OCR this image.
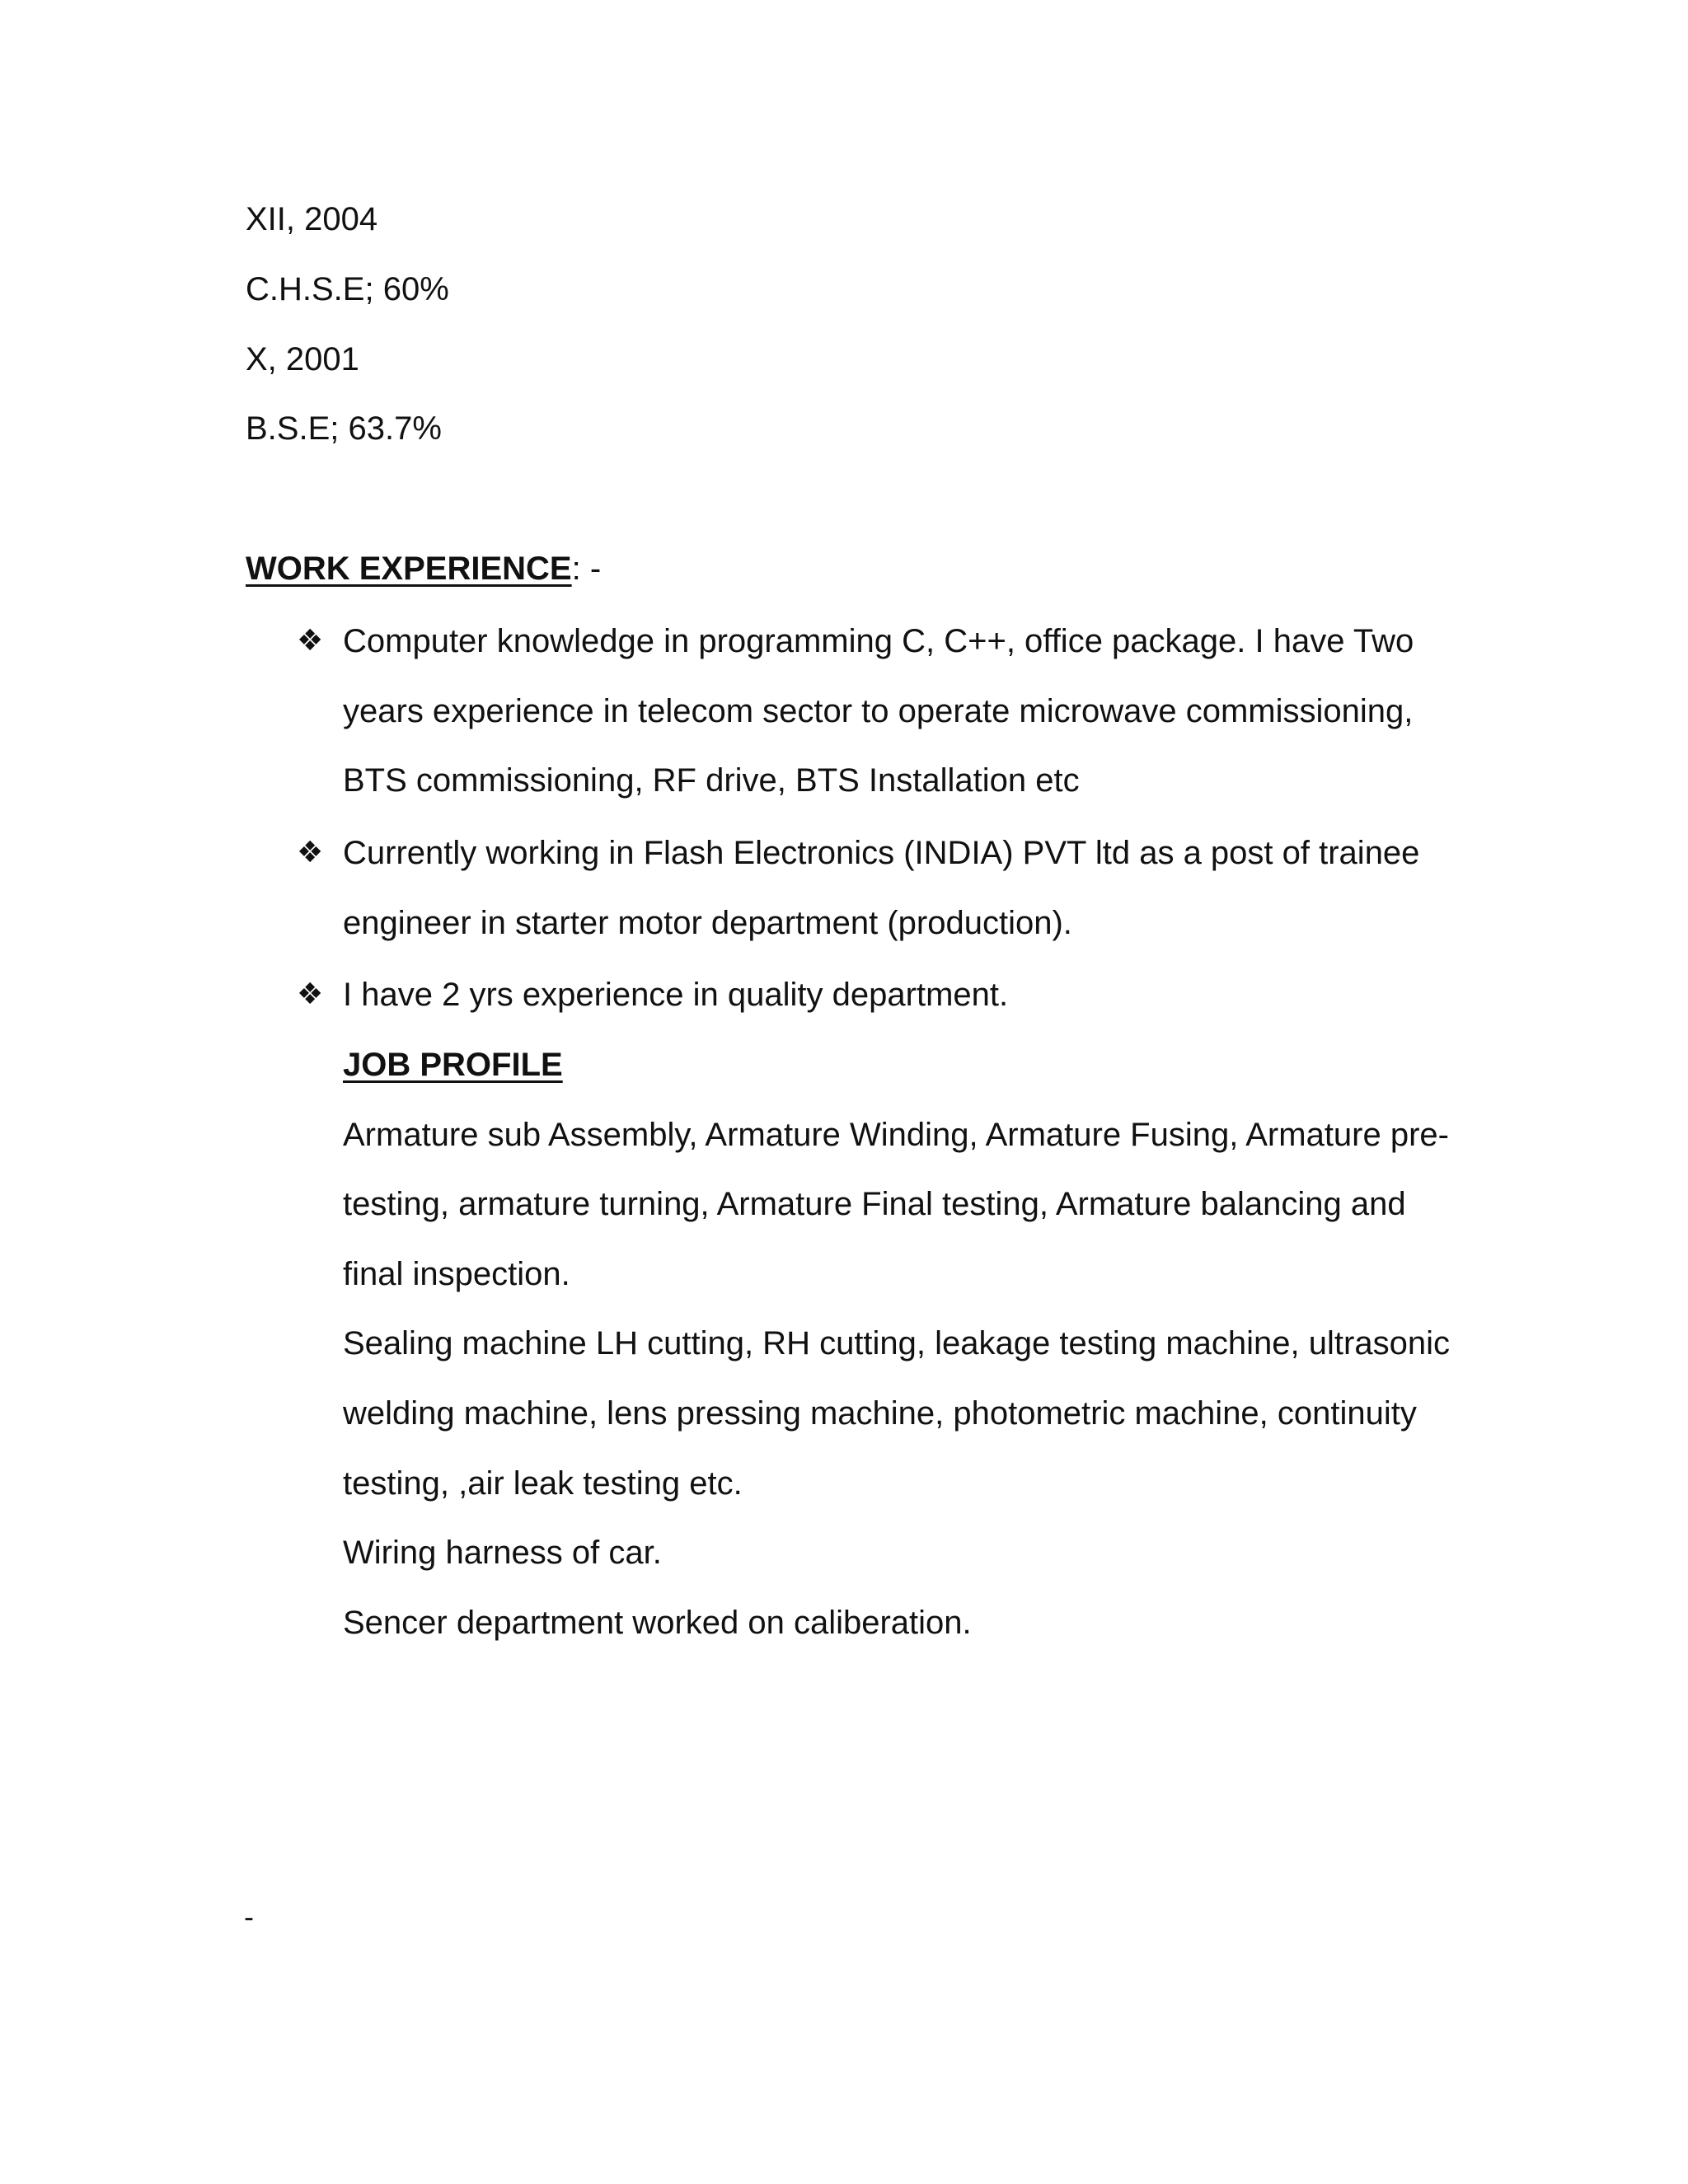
XII, 2004
C.H.S.E; 60%
X, 2001
B.S.E; 63.7%
WORK EXPERIENCE: -
❖ Computer knowledge in programming C, C++, office package. I have Two
years experience in telecom sector to operate microwave commissioning,
BTS commissioning, RF drive, BTS Installation etc
❖ Currently working in Flash Electronics (INDIA) PVT ltd as a post of trainee
engineer in starter motor department (production).
❖ I have 2 yrs experience in quality department.
JOB PROFILE
Armature sub Assembly, Armature Winding, Armature Fusing, Armature pre-
testing, armature turning, Armature Final testing, Armature balancing and
final inspection.
Sealing machine LH cutting, RH cutting, leakage testing machine, ultrasonic
welding machine, lens pressing machine, photometric machine, continuity
testing, ,air leak testing etc.
Wiring harness of car.
Sencer department worked on caliberation.
-
